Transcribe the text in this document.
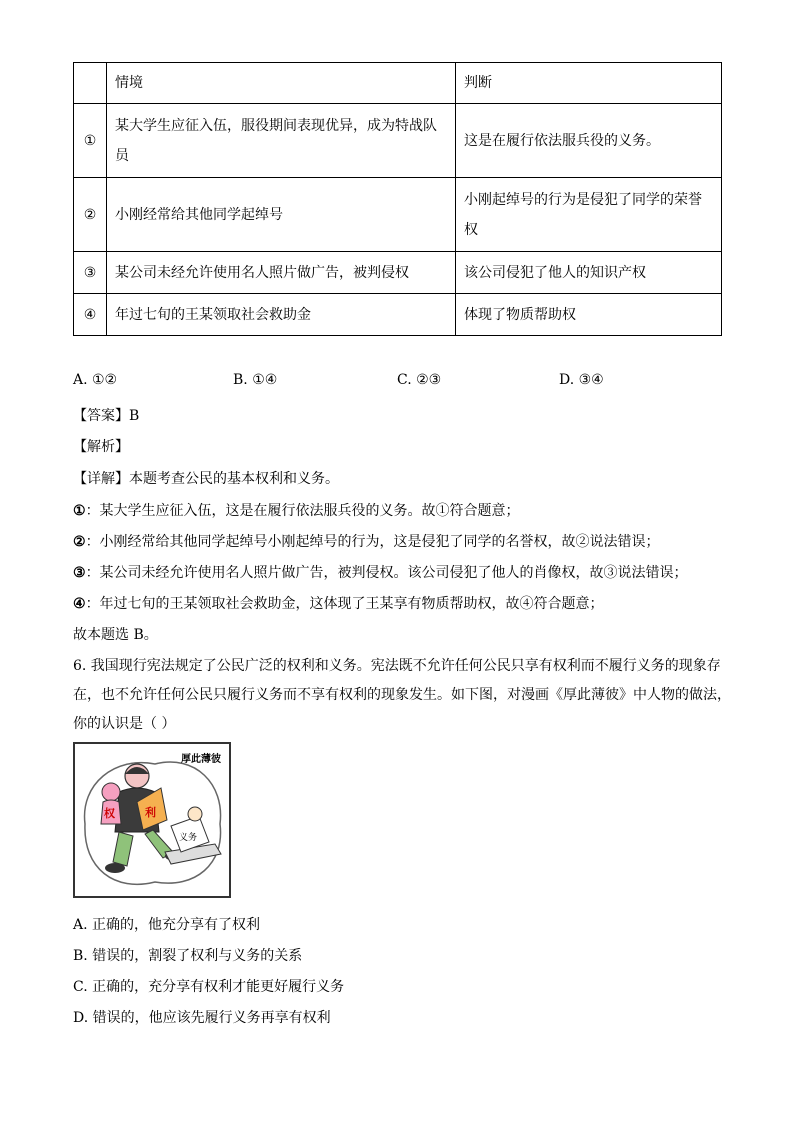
	情境	判断
①	某大学生应征入伍，服役期间表现优异，成为特战队员	这是在履行依法服兵役的义务。
②	小刚经常给其他同学起绰号	小刚起绰号的行为是侵犯了同学的荣誉权
③	某公司未经允许使用名人照片做广告，被判侵权	该公司侵犯了他人的知识产权
④	年过七旬的王某领取社会救助金	体现了物质帮助权
A. ①②	B. ①④	C. ②③	D. ③④
【答案】B
【解析】
【详解】本题考查公民的基本权利和义务。
①：某大学生应征入伍，这是在履行依法服兵役的义务。故①符合题意；
②：小刚经常给其他同学起绰号小刚起绰号的行为，这是侵犯了同学的名誉权，故②说法错误；
③：某公司未经允许使用名人照片做广告，被判侵权。该公司侵犯了他人的肖像权，故③说法错误；
④：年过七旬的王某领取社会救助金，这体现了王某享有物质帮助权，故④符合题意；
故本题选 B。
6. 我国现行宪法规定了公民广泛的权利和义务。宪法既不允许任何公民只享有权利而不履行义务的现象存在，也不允许任何公民只履行义务而不享有权利的现象发生。如下图，对漫画《厚此薄彼》中人物的做法，你的认识是（ ）
厚此薄彼
权	利
义务
A. 正确的，他充分享有了权利
B. 错误的，割裂了权利与义务的关系
C. 正确的，充分享有权利才能更好履行义务
D. 错误的，他应该先履行义务再享有权利
